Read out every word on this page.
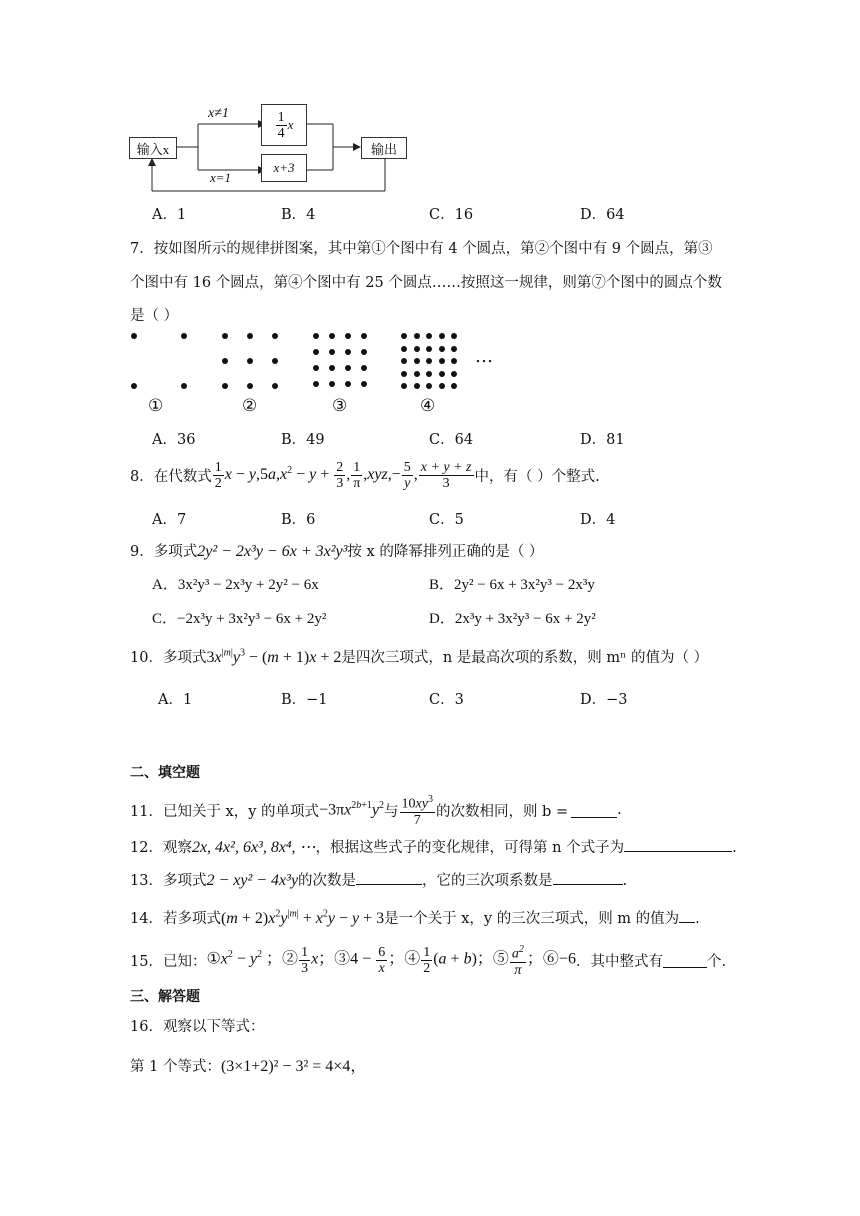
输入x
x≠1
x=1
$\frac{1}{4}$ x
x+3
输出
A．1	B．4	C．16	D．64
7．按如图所示的规律拼图案，其中第①个图中有 4 个圆点，第②个图中有 9 个圆点，第③
个图中有 16 个圆点，第④个图中有 25 个圆点……按照这一规律，则第⑦个图中的圆点个数
是（ ）
①	②	③	④
…
A．36	B．49	C．64	D．81
8．在代数式 $\frac{1}{2}$ $x - y,5a,x^2 - y + \frac{2}{3}$ , $\frac{1}{\pi} ,xyz,- \frac{5}{y}$ , $\frac{x + y + z}{3}$ 中，有（ ）个整式.
A．7	B．6	C．5	D．4
9．多项式2y² − 2x³y − 6x + 3x²y³按 x 的降幂排列正确的是（ ）
A．3x²y³ − 2x³y + 2y² − 6x	B．2y² − 6x + 3x²y³ − 2x³y
C．−2x³y + 3x²y³ − 6x + 2y²	D．2x³y + 3x²y³ − 6x + 2y²
10．多项式$3x^{|m|}y^3 - (m + 1)x + 2$是四次三项式，n 是最高次项的系数，则 mⁿ 的值为（ ）
A．1	B．−1	C．3	D．−3
二、填空题
11．已知关于 x，y 的单项式 $-3\pi x^{2b+1}y^2$ 与 $\frac{10xy^3}{7}$ 的次数相同，则 b =	.
12．观察2x, 4x², 6x³, 8x⁴, ⋯，根据这些式子的变化规律，可得第 n 个式子为	.
13．多项式2 − xy² − 4x³y的次数是	，它的三次项系数是	.
14．若多项式$(m + 2)x^2y^{|m|} + x^2y - y + 3$是一个关于 x，y 的三次三项式，则 m 的值为 .
15．已知： $①x^2 - y^2$ ；② $\frac{1}{3}$ x；③4 − $\frac{6}{x}$ ；④ $\frac{1}{2} (a + b)$；⑤ $\frac{a^2}{\pi}$ ；⑥−6 ．其中整式有	个.
三、解答题
16．观察以下等式：
第 1 个等式：(3×1+2)² − 3² = 4×4，
